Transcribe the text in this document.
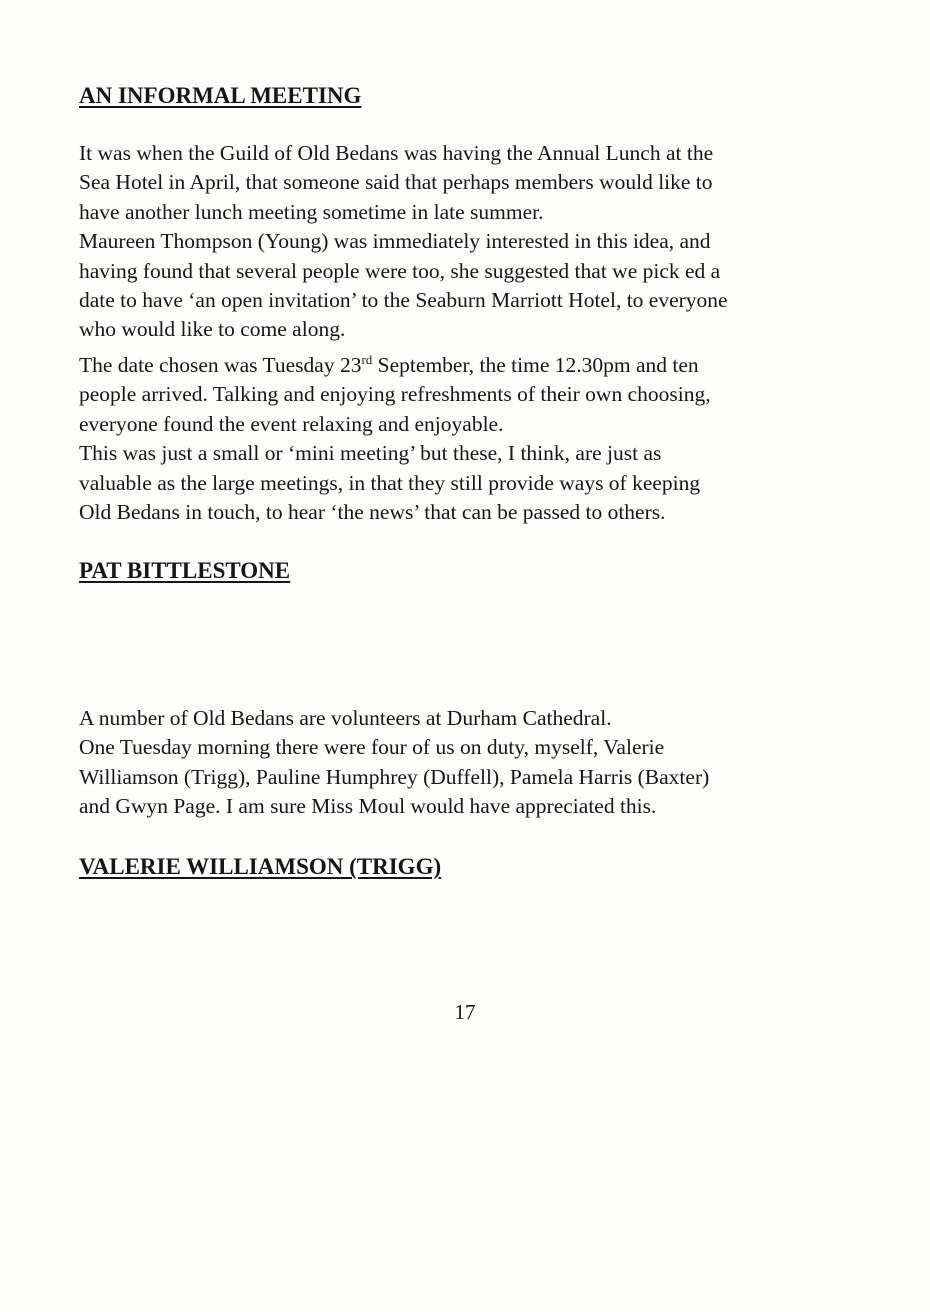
AN INFORMAL MEETING
It was when the Guild of Old Bedans was having the Annual Lunch at the
Sea Hotel in April, that someone said that perhaps members would like to
have another lunch meeting sometime in late summer.
Maureen Thompson (Young) was immediately interested in this idea, and
having found that several people were too, she suggested that we pick ed a
date to have ‘an open invitation’ to the Seaburn Marriott Hotel, to everyone
who would like to come along.
The date chosen was Tuesday 23rd September, the time 12.30pm and ten
people arrived. Talking and enjoying refreshments of their own choosing,
everyone found the event relaxing and enjoyable.
This was just a small or ‘mini meeting’ but these, I think, are just as
valuable as the large meetings, in that they still provide ways of keeping
Old Bedans in touch, to hear ‘the news’ that can be passed to others.
PAT BITTLESTONE
A number of Old Bedans are volunteers at Durham Cathedral.
One Tuesday morning there were four of us on duty, myself, Valerie
Williamson (Trigg), Pauline Humphrey (Duffell), Pamela Harris (Baxter)
and Gwyn Page. I am sure Miss Moul would have appreciated this.
VALERIE WILLIAMSON (TRIGG)
17
